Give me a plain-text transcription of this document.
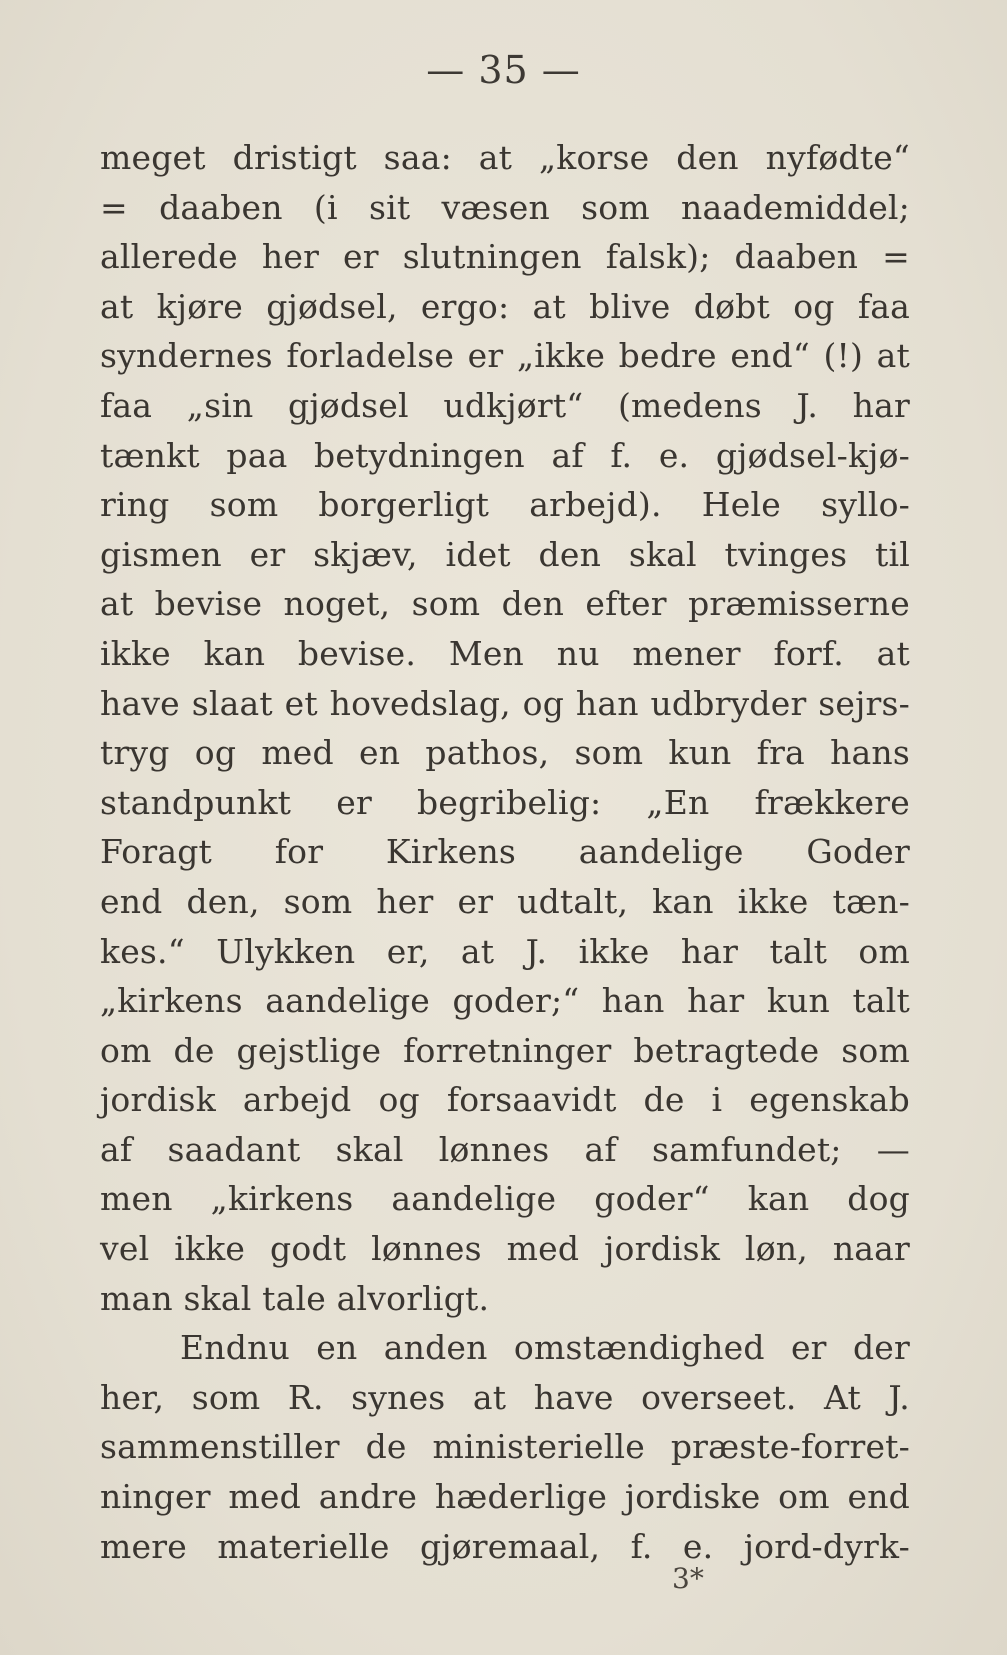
— 35 —
meget dristigt saa: at „korse den nyfødte“
= daaben (i sit væsen som naademiddel;
allerede her er slutningen falsk); daaben =
at kjøre gjødsel, ergo: at blive døbt og faa
syndernes forladelse er „ikke bedre end“ (!) at
faa „sin gjødsel udkjørt“ (medens J. har
tænkt paa betydningen af f. e. gjødsel-kjø-
ring som borgerligt arbejd). Hele syllo-
gismen er skjæv, idet den skal tvinges til
at bevise noget, som den efter præmisserne
ikke kan bevise. Men nu mener forf. at
have slaat et hovedslag, og han udbryder sejrs-
tryg og med en pathos, som kun fra hans
standpunkt er begribelig: „En frækkere
Foragt for Kirkens aandelige Goder
end den, som her er udtalt, kan ikke tæn-
kes.“ Ulykken er, at J. ikke har talt om
„kirkens aandelige goder;“ han har kun talt
om de gejstlige forretninger betragtede som
jordisk arbejd og forsaavidt de i egenskab
af saadant skal lønnes af samfundet; —
men „kirkens aandelige goder“ kan dog
vel ikke godt lønnes med jordisk løn, naar
man skal tale alvorligt.
Endnu en anden omstændighed er der
her, som R. synes at have overseet. At J.
sammenstiller de ministerielle præste-forret-
ninger med andre hæderlige jordiske om end
mere materielle gjøremaal, f. e. jord-dyrk-
3*
